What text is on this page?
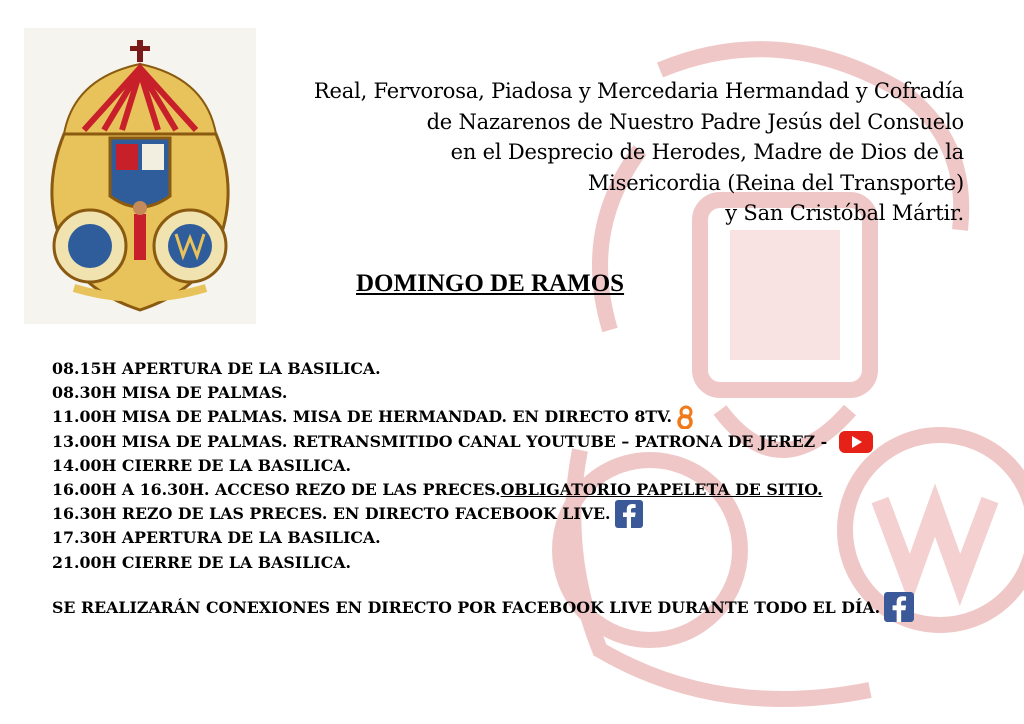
Real, Fervorosa, Piadosa y Mercedaria Hermandad y Cofradía
de Nazarenos de Nuestro Padre Jesús del Consuelo
en el Desprecio de Herodes, Madre de Dios de la
Misericordia (Reina del Transporte)
y San Cristóbal Mártir.
DOMINGO DE RAMOS
08.15H APERTURA DE LA BASILICA.
08.30H MISA DE PALMAS.
11.00H MISA DE PALMAS. MISA DE HERMANDAD. EN DIRECTO 8TV.
13.00H MISA DE PALMAS. RETRANSMITIDO CANAL YOUTUBE – PATRONA DE JEREZ -
14.00H CIERRE DE LA BASILICA.
16.00H A 16.30H. ACCESO REZO DE LAS PRECES. OBLIGATORIO PAPELETA DE SITIO.
16.30H REZO DE LAS PRECES. EN DIRECTO FACEBOOK LIVE.
17.30H APERTURA DE LA BASILICA.
21.00H CIERRE DE LA BASILICA.
SE REALIZARÁN CONEXIONES EN DIRECTO POR FACEBOOK LIVE DURANTE TODO EL DÍA.
